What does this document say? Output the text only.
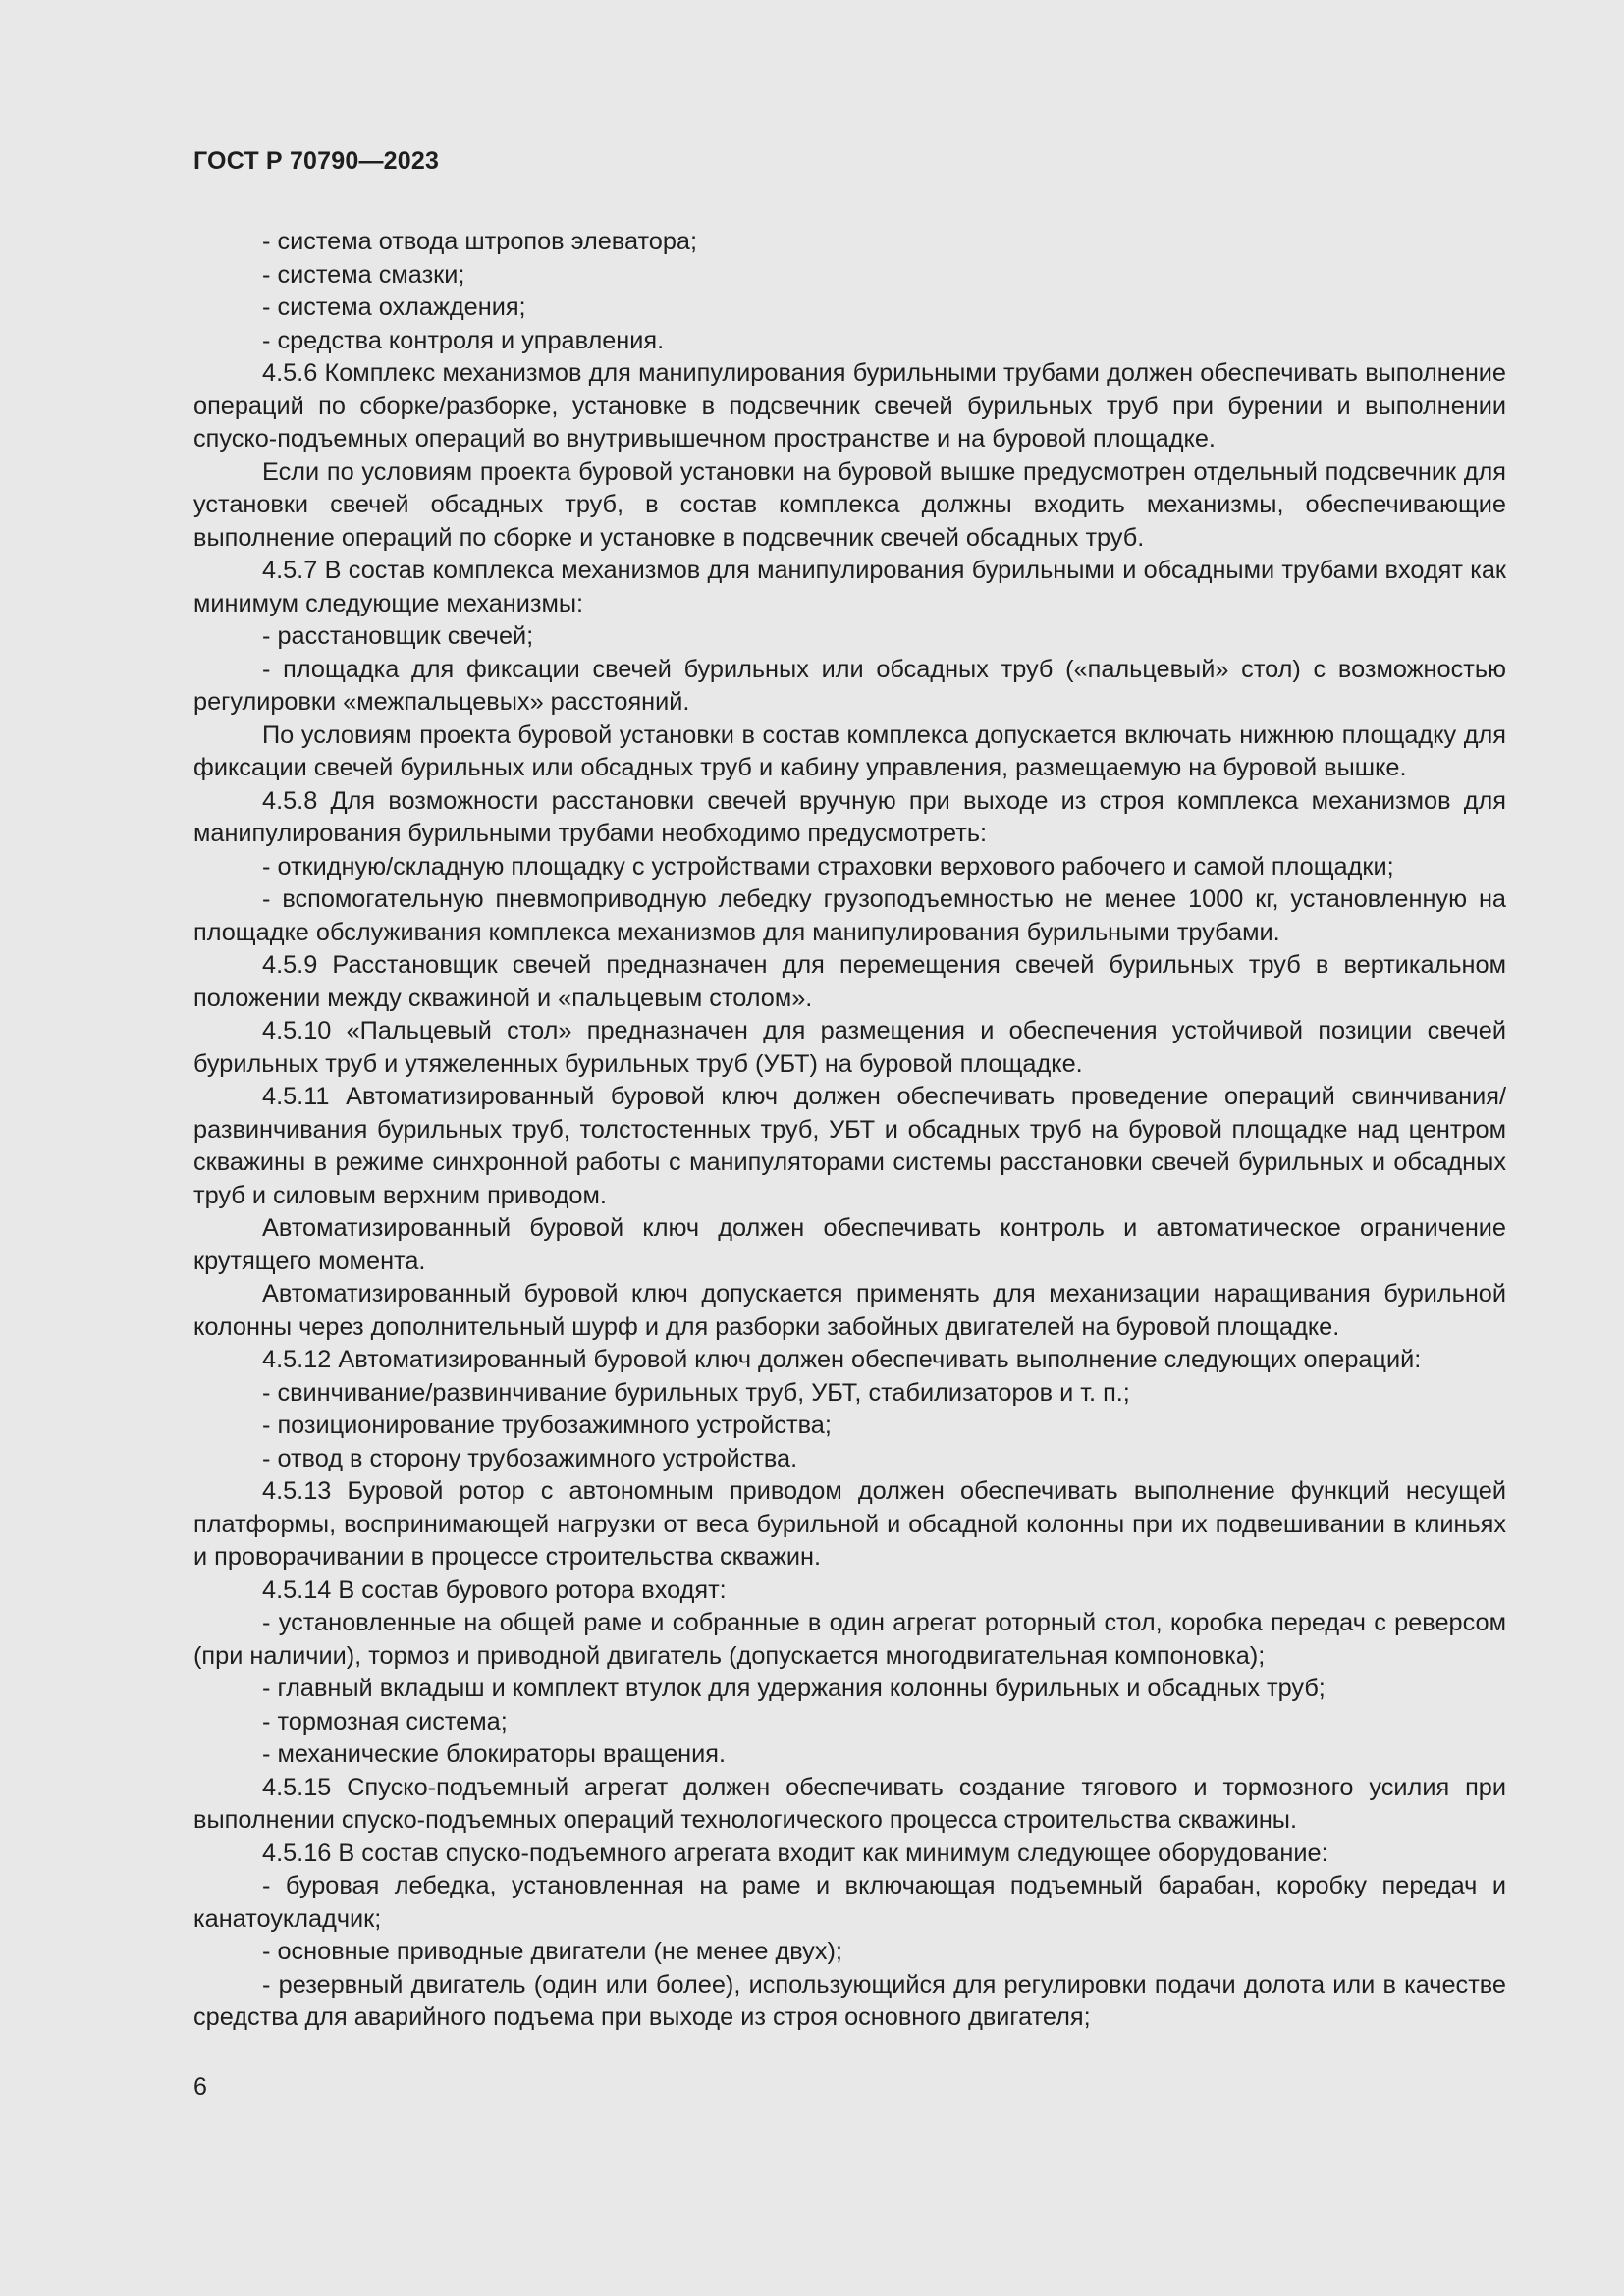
ГОСТ Р 70790—2023

- система отвода штропов элеватора;

- система смазки;

- система охлаждения;

- средства контроля и управления.

4.5.6 Комплекс механизмов для манипулирования бурильными трубами должен обеспечивать выполнение операций по сборке/разборке, установке в подсвечник свечей бурильных труб при бурении и выполнении спуско-подъемных операций во внутривышечном пространстве и на буровой площадке.

Если по условиям проекта буровой установки на буровой вышке предусмотрен отдельный подсвечник для установки свечей обсадных труб, в состав комплекса должны входить механизмы, обеспечивающие выполнение операций по сборке и установке в подсвечник свечей обсадных труб.

4.5.7 В состав комплекса механизмов для манипулирования бурильными и обсадными трубами входят как минимум следующие механизмы:

- расстановщик свечей;

- площадка для фиксации свечей бурильных или обсадных труб («пальцевый» стол) с возможностью регулировки «межпальцевых» расстояний.

По условиям проекта буровой установки в состав комплекса допускается включать нижнюю площадку для фиксации свечей бурильных или обсадных труб и кабину управления, размещаемую на буровой вышке.

4.5.8 Для возможности расстановки свечей вручную при выходе из строя комплекса механизмов для манипулирования бурильными трубами необходимо предусмотреть:

- откидную/складную площадку с устройствами страховки верхового рабочего и самой площадки;

- вспомогательную пневмоприводную лебедку грузоподъемностью не менее 1000 кг, установленную на площадке обслуживания комплекса механизмов для манипулирования бурильными трубами.

4.5.9 Расстановщик свечей предназначен для перемещения свечей бурильных труб в вертикальном положении между скважиной и «пальцевым столом».

4.5.10 «Пальцевый стол» предназначен для размещения и обеспечения устойчивой позиции свечей бурильных труб и утяжеленных бурильных труб (УБТ) на буровой площадке.

4.5.11 Автоматизированный буровой ключ должен обеспечивать проведение операций свинчивания/развинчивания бурильных труб, толстостенных труб, УБТ и обсадных труб на буровой площадке над центром скважины в режиме синхронной работы с манипуляторами системы расстановки свечей бурильных и обсадных труб и силовым верхним приводом.

Автоматизированный буровой ключ должен обеспечивать контроль и автоматическое ограничение крутящего момента.

Автоматизированный буровой ключ допускается применять для механизации наращивания бурильной колонны через дополнительный шурф и для разборки забойных двигателей на буровой площадке.

4.5.12 Автоматизированный буровой ключ должен обеспечивать выполнение следующих операций:

- свинчивание/развинчивание бурильных труб, УБТ, стабилизаторов и т. п.;

- позиционирование трубозажимного устройства;

- отвод в сторону трубозажимного устройства.

4.5.13 Буровой ротор с автономным приводом должен обеспечивать выполнение функций несущей платформы, воспринимающей нагрузки от веса бурильной и обсадной колонны при их подвешивании в клиньях и проворачивании в процессе строительства скважин.

4.5.14 В состав бурового ротора входят:

- установленные на общей раме и собранные в один агрегат роторный стол, коробка передач с реверсом (при наличии), тормоз и приводной двигатель (допускается многодвигательная компоновка);

- главный вкладыш и комплект втулок для удержания колонны бурильных и обсадных труб;

- тормозная система;

- механические блокираторы вращения.

4.5.15 Спуско-подъемный агрегат должен обеспечивать создание тягового и тормозного усилия при выполнении спуско-подъемных операций технологического процесса строительства скважины.

4.5.16 В состав спуско-подъемного агрегата входит как минимум следующее оборудование:

- буровая лебедка, установленная на раме и включающая подъемный барабан, коробку передач и канатоукладчик;

- основные приводные двигатели (не менее двух);

- резервный двигатель (один или более), использующийся для регулировки подачи долота или в качестве средства для аварийного подъема при выходе из строя основного двигателя;

6
